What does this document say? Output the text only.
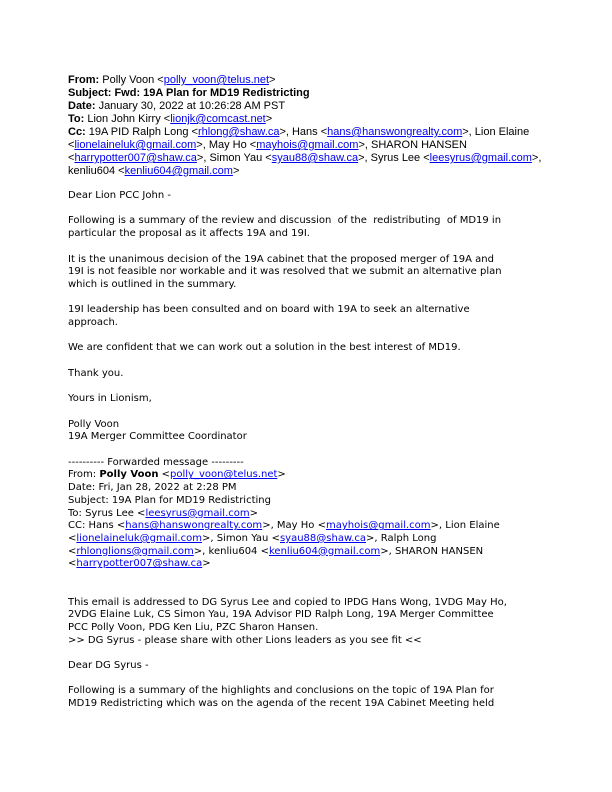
From: Polly Voon <polly_voon@telus.net>
Subject: Fwd: 19A Plan for MD19 Redistricting
Date: January 30, 2022 at 10:26:28 AM PST
To: Lion John Kirry <lionjk@comcast.net>
Cc: 19A PID Ralph Long <rhlong@shaw.ca>, Hans <hans@hanswongrealty.com>, Lion Elaine
<lionelaineluk@gmail.com>, May Ho <mayhois@gmail.com>, SHARON HANSEN
<harrypotter007@shaw.ca>, Simon Yau <syau88@shaw.ca>, Syrus Lee <leesyrus@gmail.com>,
kenliu604 <kenliu604@gmail.com>
Dear Lion PCC John -

Following is a summary of the review and discussion  of the  redistributing  of MD19 in
particular the proposal as it affects 19A and 19I.

It is the unanimous decision of the 19A cabinet that the proposed merger of 19A and
19I is not feasible nor workable and it was resolved that we submit an alternative plan
which is outlined in the summary.

19I leadership has been consulted and on board with 19A to seek an alternative
approach.

We are confident that we can work out a solution in the best interest of MD19.

Thank you.

Yours in Lionism,

Polly Voon
19A Merger Committee Coordinator

---------- Forwarded message ---------
From: Polly Voon <polly_voon@telus.net>
Date: Fri, Jan 28, 2022 at 2:28 PM
Subject: 19A Plan for MD19 Redistricting
To: Syrus Lee <leesyrus@gmail.com>
CC: Hans <hans@hanswongrealty.com>, May Ho <mayhois@gmail.com>, Lion Elaine
<lionelaineluk@gmail.com>, Simon Yau <syau88@shaw.ca>, Ralph Long
<rhlonglions@gmail.com>, kenliu604 <kenliu604@gmail.com>, SHARON HANSEN
<harrypotter007@shaw.ca>

This email is addressed to DG Syrus Lee and copied to IPDG Hans Wong, 1VDG May Ho,
2VDG Elaine Luk, CS Simon Yau, 19A Advisor PID Ralph Long, 19A Merger Committee
PCC Polly Voon, PDG Ken Liu, PZC Sharon Hansen.
>> DG Syrus - please share with other Lions leaders as you see fit <<

Dear DG Syrus -

Following is a summary of the highlights and conclusions on the topic of 19A Plan for
MD19 Redistricting which was on the agenda of the recent 19A Cabinet Meeting held
